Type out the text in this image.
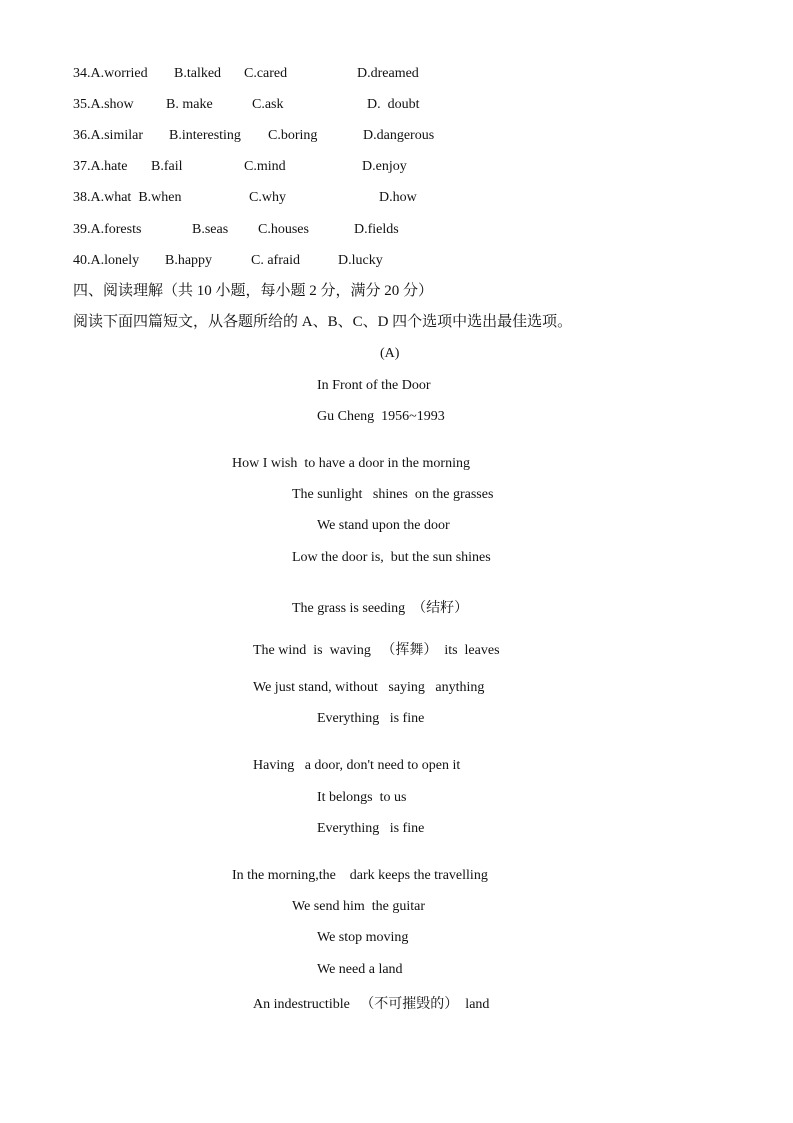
34.A.worried B.talked C.cared	D.dreamed
35.A.show B. make	C.ask	D.  doubt
36.A.similar B.interesting C.boring	D.dangerous
37.A.hate B.fail	C.mind	D.enjoy
38.A.what  B.when	C.why	D.how
39.A.forests	B.seas C.houses	D.fields
40.A.lonely B.happy	C. afraid	D.lucky
四、阅读理解（共 10 小题，每小题 2 分，满分 20 分）
阅读下面四篇短文，从各题所给的 A、B、C、D 四个选项中选出最佳选项。
(A)
In Front of the Door
Gu Cheng  1956~1993
How I wish  to have a door in the morning
The sunlight   shines  on the grasses
We stand upon the door
Low the door is,  but the sun shines
The grass is seeding  （结籽）
The wind  is  waving   （挥舞）  its  leaves
We just stand, without   saying   anything
Everything   is fine
Having   a door, don't need to open it
It belongs  to us
Everything   is fine
In the morning,the    dark keeps the travelling
We send him  the guitar
We stop moving
We need a land
An indestructible   （不可摧毁的）  land
